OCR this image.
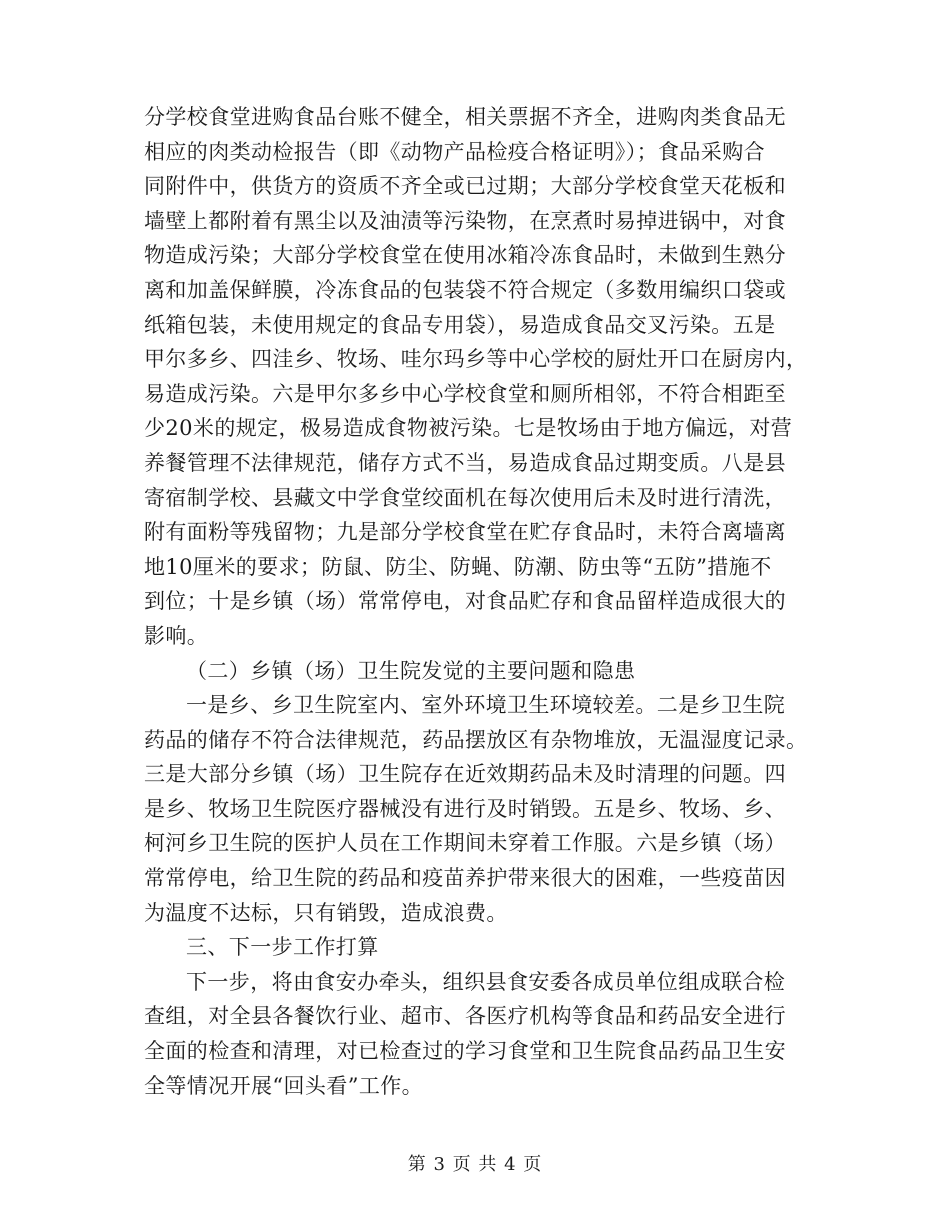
分学校食堂进购食品台账不健全，相关票据不齐全，进购肉类食品无
相应的肉类动检报告（即《动物产品检疫合格证明》）；食品采购合
同附件中，供货方的资质不齐全或已过期；大部分学校食堂天花板和
墙壁上都附着有黑尘以及油渍等污染物，在烹煮时易掉进锅中，对食
物造成污染；大部分学校食堂在使用冰箱冷冻食品时，未做到生熟分
离和加盖保鲜膜，冷冻食品的包装袋不符合规定（多数用编织口袋或
纸箱包装，未使用规定的食品专用袋），易造成食品交叉污染。五是
甲尔多乡、四洼乡、牧场、哇尔玛乡等中心学校的厨灶开口在厨房内，
易造成污染。六是甲尔多乡中心学校食堂和厕所相邻，不符合相距至
少20米的规定，极易造成食物被污染。七是牧场由于地方偏远，对营
养餐管理不法律规范，储存方式不当，易造成食品过期变质。八是县
寄宿制学校、县藏文中学食堂绞面机在每次使用后未及时进行清洗，
附有面粉等残留物；九是部分学校食堂在贮存食品时，未符合离墙离
地10厘米的要求；防鼠、防尘、防蝇、防潮、防虫等“五防”措施不
到位；十是乡镇（场）常常停电，对食品贮存和食品留样造成很大的
影响。
（二）乡镇（场）卫生院发觉的主要问题和隐患
一是乡、乡卫生院室内、室外环境卫生环境较差。二是乡卫生院
药品的储存不符合法律规范，药品摆放区有杂物堆放，无温湿度记录。
三是大部分乡镇（场）卫生院存在近效期药品未及时清理的问题。四
是乡、牧场卫生院医疗器械没有进行及时销毁。五是乡、牧场、乡、
柯河乡卫生院的医护人员在工作期间未穿着工作服。六是乡镇（场）
常常停电，给卫生院的药品和疫苗养护带来很大的困难，一些疫苗因
为温度不达标，只有销毁，造成浪费。
三、下一步工作打算
下一步，将由食安办牵头，组织县食安委各成员单位组成联合检
查组，对全县各餐饮行业、超市、各医疗机构等食品和药品安全进行
全面的检查和清理，对已检查过的学习食堂和卫生院食品药品卫生安
全等情况开展“回头看”工作。
第 3 页 共 4 页
